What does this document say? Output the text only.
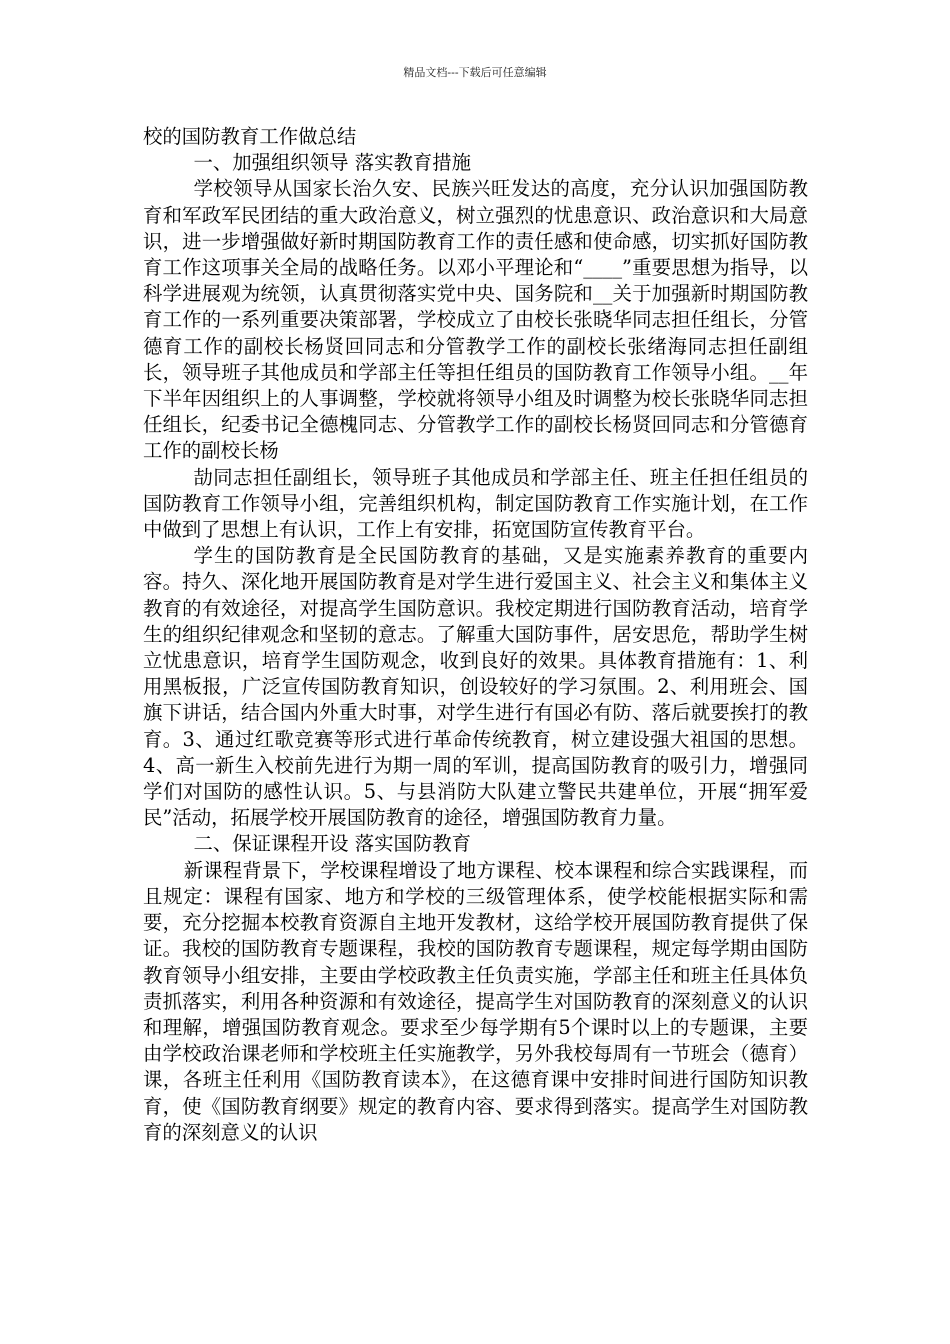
精品文档---下载后可任意编辑

校的国防教育工作做总结

一、加强组织领导 落实教育措施

学校领导从国家长治久安、民族兴旺发达的高度，充分认识加强国防教育和军政军民团结的重大政治意义，树立强烈的忧患意识、政治意识和大局意识，进一步增强做好新时期国防教育工作的责任感和使命感，切实抓好国防教育工作这项事关全局的战略任务。以邓小平理论和“____”重要思想为指导，以科学进展观为统领，认真贯彻落实党中央、国务院和__关于加强新时期国防教育工作的一系列重要决策部署，学校成立了由校长张晓华同志担任组长，分管德育工作的副校长杨贤回同志和分管教学工作的副校长张绪海同志担任副组长，领导班子其他成员和学部主任等担任组员的国防教育工作领导小组。__年下半年因组织上的人事调整，学校就将领导小组及时调整为校长张晓华同志担任组长，纪委书记全德槐同志、分管教学工作的副校长杨贤回同志和分管德育工作的副校长杨

劼同志担任副组长，领导班子其他成员和学部主任、班主任担任组员的国防教育工作领导小组，完善组织机构，制定国防教育工作实施计划，在工作中做到了思想上有认识，工作上有安排，拓宽国防宣传教育平台。

学生的国防教育是全民国防教育的基础，又是实施素养教育的重要内容。持久、深化地开展国防教育是对学生进行爱国主义、社会主义和集体主义教育的有效途径，对提高学生国防意识。我校定期进行国防教育活动，培育学生的组织纪律观念和坚韧的意志。了解重大国防事件，居安思危，帮助学生树立忧患意识，培育学生国防观念，收到良好的效果。具体教育措施有：1、利用黑板报，广泛宣传国防教育知识，创设较好的学习氛围。2、利用班会、国旗下讲话，结合国内外重大时事，对学生进行有国必有防、落后就要挨打的教育。3、通过红歌竞赛等形式进行革命传统教育，树立建设强大祖国的思想。4、高一新生入校前先进行为期一周的军训，提高国防教育的吸引力，增强同学们对国防的感性认识。5、与县消防大队建立警民共建单位，开展“拥军爱民”活动，拓展学校开展国防教育的途径，增强国防教育力量。

二、保证课程开设 落实国防教育

新课程背景下，学校课程增设了地方课程、校本课程和综合实践课程，而且规定：课程有国家、地方和学校的三级管理体系，使学校能根据实际和需要，充分挖掘本校教育资源自主地开发教材，这给学校开展国防教育提供了保证。我校的国防教育专题课程，我校的国防教育专题课程，规定每学期由国防教育领导小组安排，主要由学校政教主任负责实施，学部主任和班主任具体负责抓落实，利用各种资源和有效途径，提高学生对国防教育的深刻意义的认识和理解，增强国防教育观念。要求至少每学期有5个课时以上的专题课，主要由学校政治课老师和学校班主任实施教学，另外我校每周有一节班会（德育）课，各班主任利用《国防教育读本》，在这德育课中安排时间进行国防知识教育，使《国防教育纲要》规定的教育内容、要求得到落实。提高学生对国防教育的深刻意义的认识
